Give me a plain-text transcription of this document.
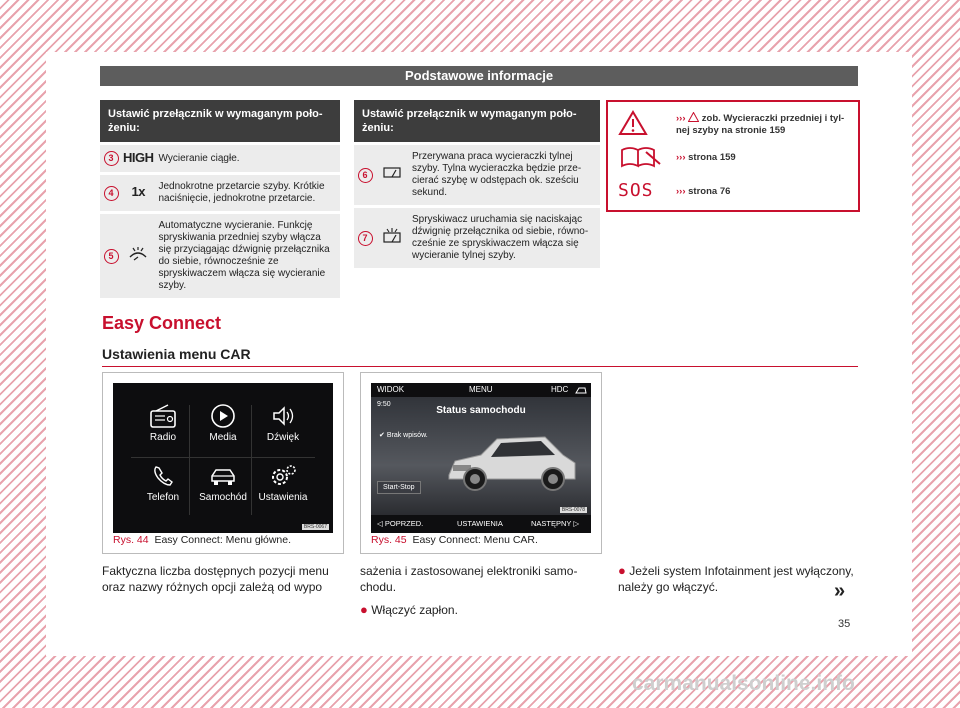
Podstawowe informacje
Ustawić przełącznik w wymaganym położeniu:		
3	HIGH	Wycieranie ciągłe.
4	1x	Jednokrotne przetarcie szyby. Krótkie naciśnięcie, jednokrotne przetarcie.
5		Automatyczne wycieranie. Funkcję spryskiwania przedniej szyby włącza się przyciągając dźwignię przełącznika do siebie, równocześnie ze spryskiwaczem włącza się wycieranie szyby.
Ustawić przełącznik w wymaganym położeniu:		
6		Przerywana praca wycieraczki tylnej szyby. Tylna wycieraczka będzie przecierać szybę w odstępach ok. sześciu sekund.
7		Spryskiwacz uruchamia się naciskając dźwignię przełącznika od siebie, równocześnie ze spryskiwaczem włącza się wycieranie tylnej szyby.
››› zob. Wycieraczki przedniej i tylnej szyby na stronie 159
››› strona 159
SOS ››› strona 76
Easy Connect
Ustawienia menu CAR
Radio	Media	Dźwięk
Telefon	Samochód	Ustawienia
BRS-0067
Rys. 44 Easy Connect: Menu główne.
WIDOK	MENU	HDC
9:50
Status samochodu
✔ Brak wpisów.
Start-Stop
◁ POPRZED.	USTAWIENIA	NASTĘPNY ▷
BRS-0078
Rys. 45 Easy Connect: Menu CAR.
Faktyczna liczba dostępnych pozycji menu oraz nazwy różnych opcji zależą od wypo
sażenia i zastosowanej elektroniki samochodu.
● Włączyć zapłon.
● Jeżeli system Infotainment jest wyłączony, należy go włączyć.	»
35
carmanualsonline.info
